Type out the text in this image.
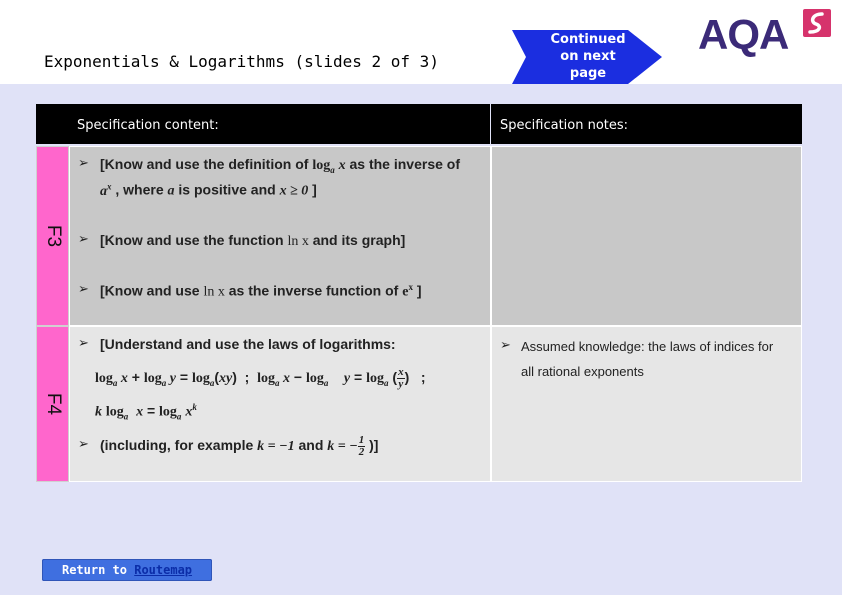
Exponentials & Logarithms (slides 2 of 3)
Continued
on next
page
AQA
Specification content:	Specification notes:
F3
F4
➢ [Know and use the definition of $\log_a x$ as the inverse of
$a^x$ , where a is positive and x ≥ 0 ]
➢ [Know and use the function ln x and its graph]
➢ [Know and use ln x as the inverse function of $e^x$ ]
➢ [Understand and use the laws of logarithms:
$\log_a x + \log_a y = \log_a(xy)$  ;  $\log_a x - \log_a y = \log_a$ ( $\frac{x}{y}$ )   ;
k $\log_a x = \log_a x^k$
➢ (including, for example k = −1 and k = − $\frac{1}{2}$ )]
➢ Assumed knowledge: the laws of indices for
all rational exponents
Return to Routemap
